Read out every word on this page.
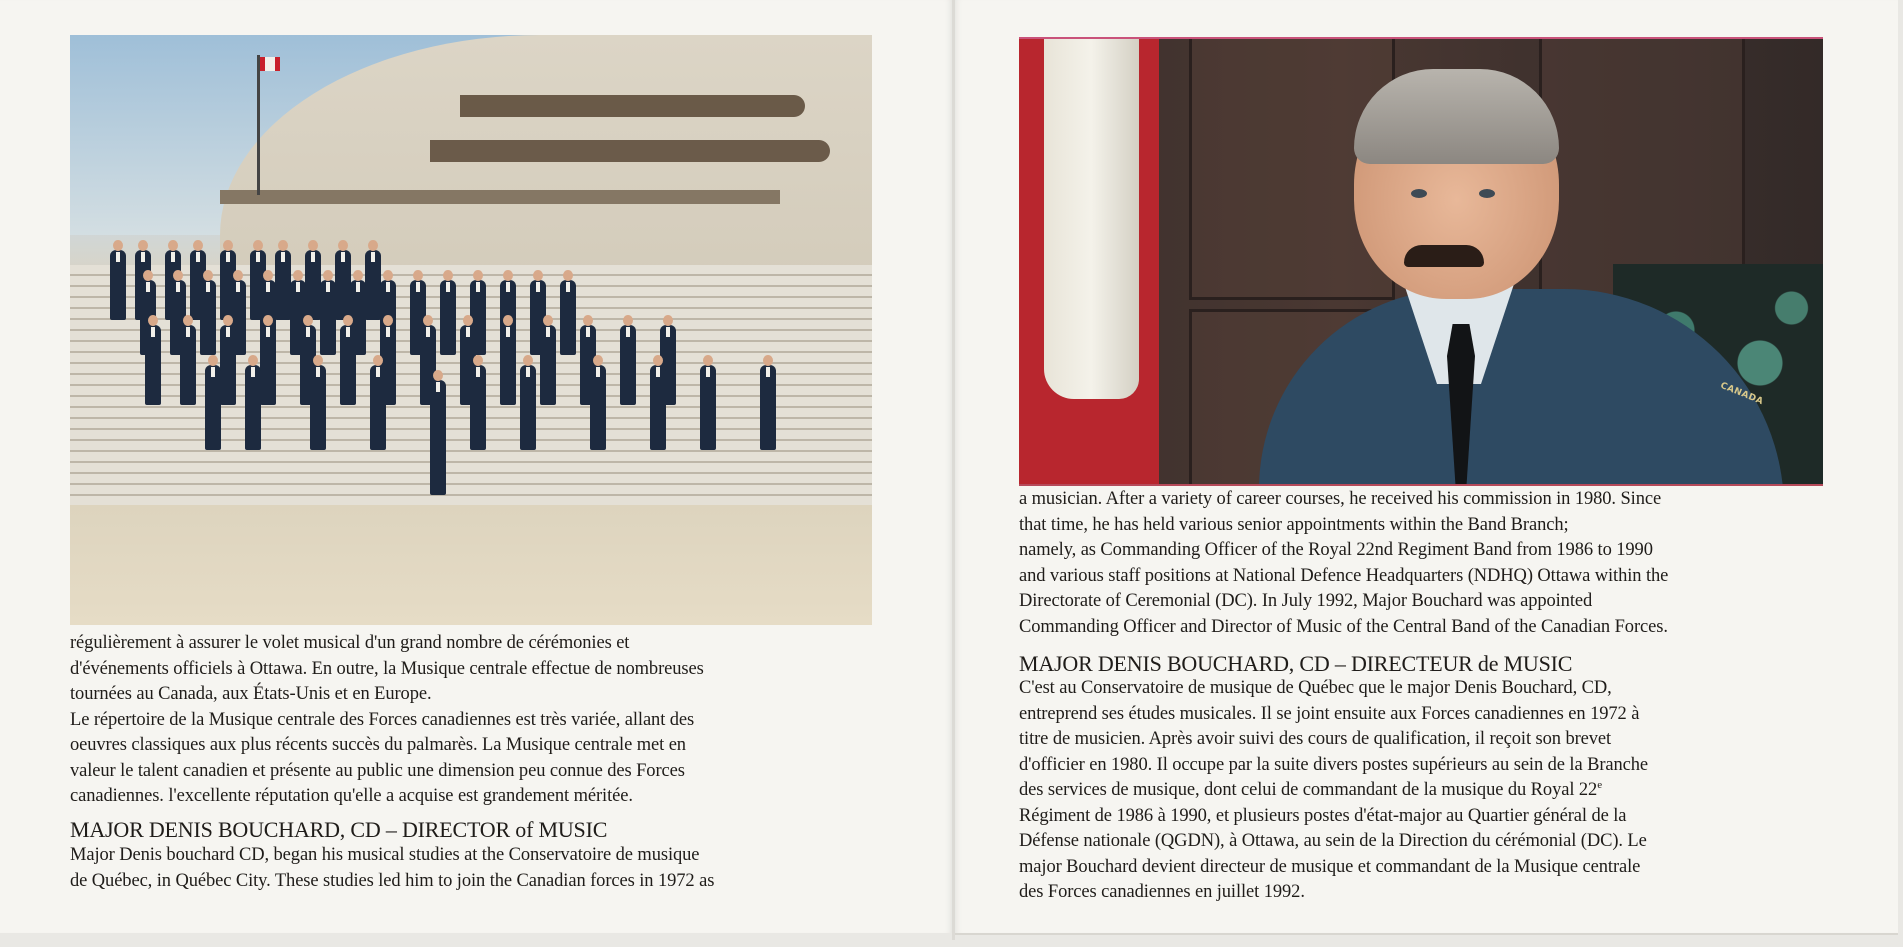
régulièrement à assurer le volet musical d'un grand nombre de cérémonies et

d'événements officiels à Ottawa. En outre, la Musique centrale effectue de nombreuses

tournées au Canada, aux États-Unis et en Europe.

Le répertoire de la Musique centrale des Forces canadiennes est très variée, allant des

oeuvres classiques aux plus récents succès du palmarès. La Musique centrale met en

valeur le talent canadien et présente au public une dimension peu connue des Forces

canadiennes. l'excellente réputation qu'elle a acquise est grandement méritée.

MAJOR DENIS BOUCHARD, CD – DIRECTOR of MUSIC

Major Denis bouchard CD, began his musical studies at the Conservatoire de musique

de Québec, in Québec City. These studies led him to join the Canadian forces in 1972 as

CANADA

a musician. After a variety of career courses, he received his commission in 1980. Since

that time, he has held various senior appointments within the Band Branch;

namely, as Commanding Officer of the Royal 22nd Regiment Band from 1986 to 1990

and various staff positions at National Defence Headquarters (NDHQ) Ottawa within the

Directorate of Ceremonial (DC). In July 1992, Major Bouchard was appointed

Commanding Officer and Director of Music of the Central Band of the Canadian Forces.

MAJOR DENIS BOUCHARD, CD – DIRECTEUR de MUSIC

C'est au Conservatoire de musique de Québec que le major Denis Bouchard, CD,

entreprend ses études musicales. Il se joint ensuite aux Forces canadiennes en 1972 à

titre de musicien. Après avoir suivi des cours de qualification, il reçoit son brevet

d'officier en 1980. Il occupe par la suite divers postes supérieurs au sein de la Branche

des services de musique, dont celui de commandant de la musique du Royal 22e

Régiment de 1986 à 1990, et plusieurs postes d'état-major au Quartier général de la

Défense nationale (QGDN), à Ottawa, au sein de la Direction du cérémonial (DC). Le

major Bouchard devient directeur de musique et commandant de la Musique centrale

des Forces canadiennes en juillet 1992.
